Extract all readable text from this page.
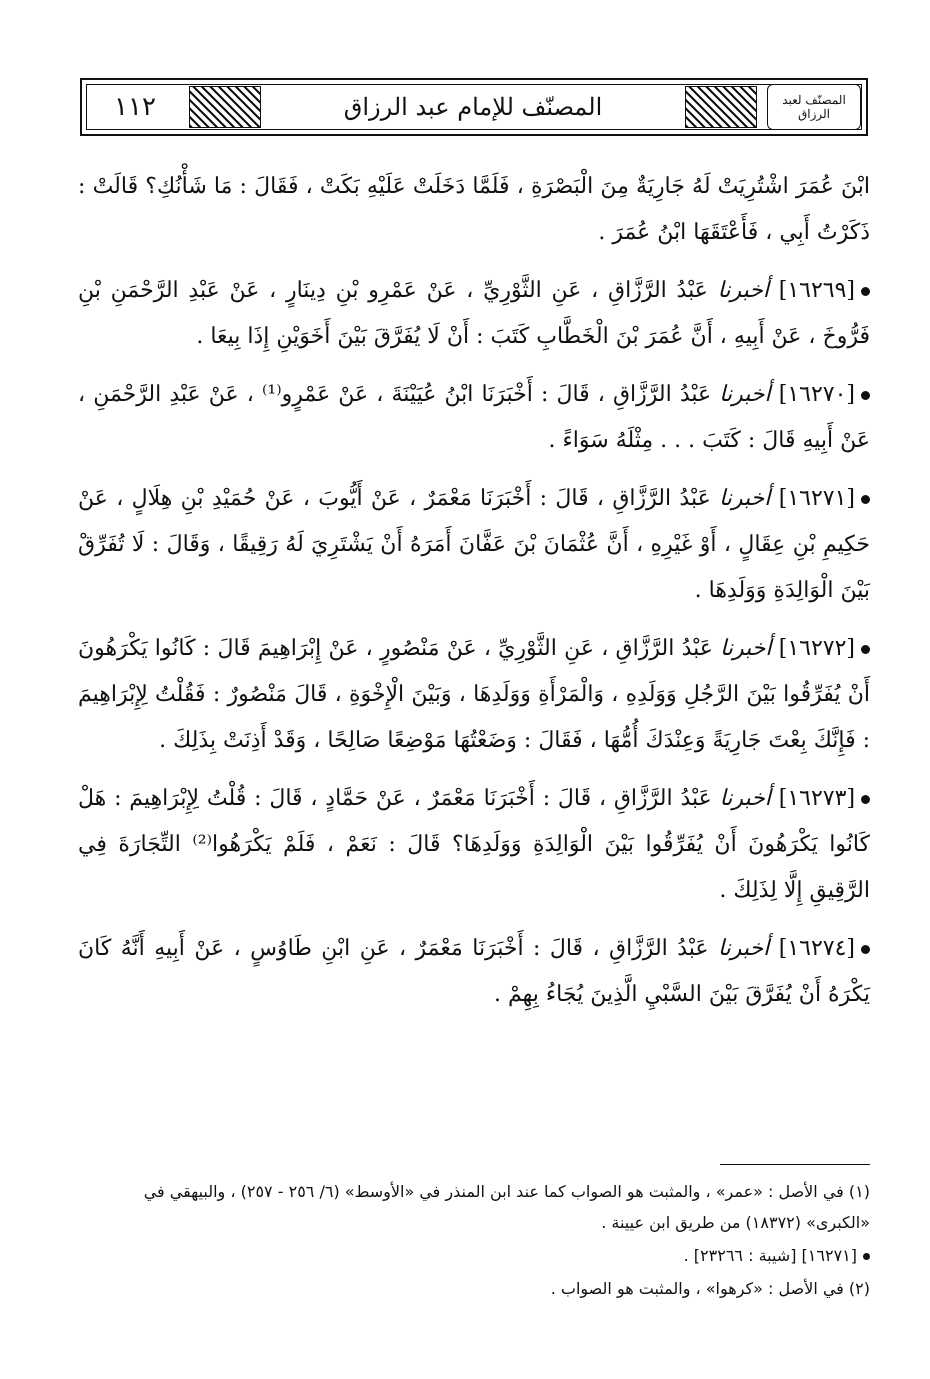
١١٢	المصنّف للإمام عبد الرزاق	المصنّف لعبد الرزاق

ابْنَ عُمَرَ اشْتُرِيَتْ لَهُ جَارِيَةٌ مِنَ الْبَصْرَةِ ، فَلَمَّا دَخَلَتْ عَلَيْهِ بَكَتْ ، فَقَالَ : مَا شَأْنُكِ؟ قَالَتْ : ذَكَرْتُ أَبِي ، فَأَعْتَقَهَا ابْنُ عُمَرَ .

[١٦٢٦٩] أخبرنا عَبْدُ الرَّزَّاقِ ، عَنِ الثَّوْرِيِّ ، عَنْ عَمْرِو بْنِ دِينَارٍ ، عَنْ عَبْدِ الرَّحْمَنِ بْنِ فَرُّوخَ ، عَنْ أَبِيهِ ، أَنَّ عُمَرَ بْنَ الْخَطَّابِ كَتَبَ : أَنْ لَا يُفَرَّقَ بَيْنَ أَخَوَيْنِ إِذَا بِيعَا .

[١٦٢٧٠] أخبرنا عَبْدُ الرَّزَّاقِ ، قَالَ : أَخْبَرَنَا ابْنُ عُيَيْنَةَ ، عَنْ عَمْرٍو⁽¹⁾ ، عَنْ عَبْدِ الرَّحْمَنِ ، عَنْ أَبِيهِ قَالَ : كَتَبَ . . . مِثْلَهُ سَوَاءً .

[١٦٢٧١] أخبرنا عَبْدُ الرَّزَّاقِ ، قَالَ : أَخْبَرَنَا مَعْمَرٌ ، عَنْ أَيُّوبَ ، عَنْ حُمَيْدِ بْنِ هِلَالٍ ، عَنْ حَكِيمِ بْنِ عِقَالٍ ، أَوْ غَيْرِهِ ، أَنَّ عُثْمَانَ بْنَ عَفَّانَ أَمَرَهُ أَنْ يَشْتَرِيَ لَهُ رَقِيقًا ، وَقَالَ : لَا تُفَرِّقْ بَيْنَ الْوَالِدَةِ وَوَلَدِهَا .

[١٦٢٧٢] أخبرنا عَبْدُ الرَّزَّاقِ ، عَنِ الثَّوْرِيِّ ، عَنْ مَنْصُورٍ ، عَنْ إِبْرَاهِيمَ قَالَ : كَانُوا يَكْرَهُونَ أَنْ يُفَرِّقُوا بَيْنَ الرَّجُلِ وَوَلَدِهِ ، وَالْمَرْأَةِ وَوَلَدِهَا ، وَبَيْنَ الْإِخْوَةِ ، قَالَ مَنْصُورٌ : فَقُلْتُ لِإِبْرَاهِيمَ : فَإِنَّكَ بِعْتَ جَارِيَةً وَعِنْدَكَ أُمُّهَا ، فَقَالَ : وَضَعْتُهَا مَوْضِعًا صَالِحًا ، وَقَدْ أَذِنَتْ بِذَلِكَ .

[١٦٢٧٣] أخبرنا عَبْدُ الرَّزَّاقِ ، قَالَ : أَخْبَرَنَا مَعْمَرٌ ، عَنْ حَمَّادٍ ، قَالَ : قُلْتُ لِإِبْرَاهِيمَ : هَلْ كَانُوا يَكْرَهُونَ أَنْ يُفَرِّقُوا بَيْنَ الْوَالِدَةِ وَوَلَدِهَا؟ قَالَ : نَعَمْ ، فَلَمْ يَكْرَهُوا⁽²⁾ التِّجَارَةَ فِي الرَّقِيقِ إِلَّا لِذَلِكَ .

[١٦٢٧٤] أخبرنا عَبْدُ الرَّزَّاقِ ، قَالَ : أَخْبَرَنَا مَعْمَرٌ ، عَنِ ابْنِ طَاوُسٍ ، عَنْ أَبِيهِ أَنَّهُ كَانَ يَكْرَهُ أَنْ يُفَرَّقَ بَيْنَ السَّبْيِ الَّذِينَ يُجَاءُ بِهِمْ .

(١) في الأصل : «عمر» ، والمثبت هو الصواب كما عند ابن المنذر في «الأوسط» (٦/ ٢٥٦ - ٢٥٧) ، والبيهقي في «الكبرى» (١٨٣٧٢) من طريق ابن عيينة .

[١٦٢٧١] [شيبة : ٢٣٢٦٦] .

(٢) في الأصل : «كرهوا» ، والمثبت هو الصواب .
